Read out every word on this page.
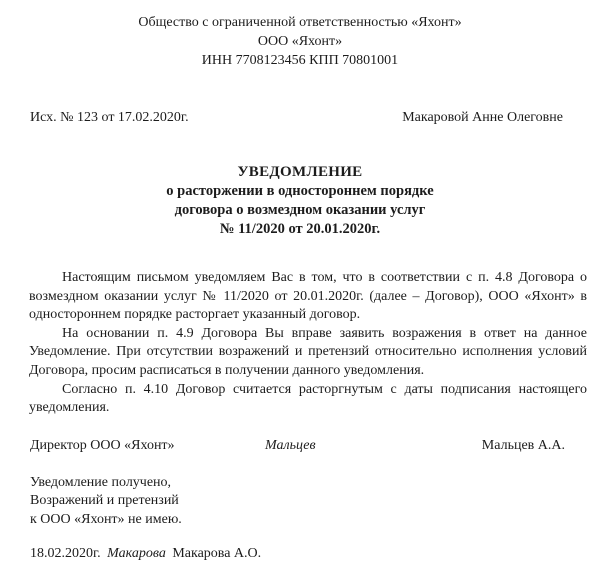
Общество с ограниченной ответственностью «Яхонт»
ООО «Яхонт»
ИНН 7708123456 КПП 70801001
Исх. № 123 от 17.02.2020г.	Макаровой Анне Олеговне
УВЕДОМЛЕНИЕ
о расторжении в одностороннем порядке
договора о возмездном оказании услуг
№ 11/2020 от 20.01.2020г.

Настоящим письмом уведомляем Вас в том, что в соответствии с п. 4.8 Договора о возмездном оказании услуг № 11/2020 от 20.01.2020г. (далее – Договор), ООО «Яхонт» в одностороннем порядке расторгает указанный договор.

На основании п. 4.9 Договора Вы вправе заявить возражения в ответ на данное Уведомление. При отсутствии возражений и претензий относительно исполнения условий Договора, просим расписаться в получении данного уведомления.

Согласно п. 4.10 Договор считается расторгнутым с даты подписания настоящего уведомления.

Директор ООО «Яхонт»	Мальцев	Мальцев А.А.
Уведомление получено,
Возражений и претензий
к ООО «Яхонт» не имею.
18.02.2020г. Макарова Макарова А.О.
